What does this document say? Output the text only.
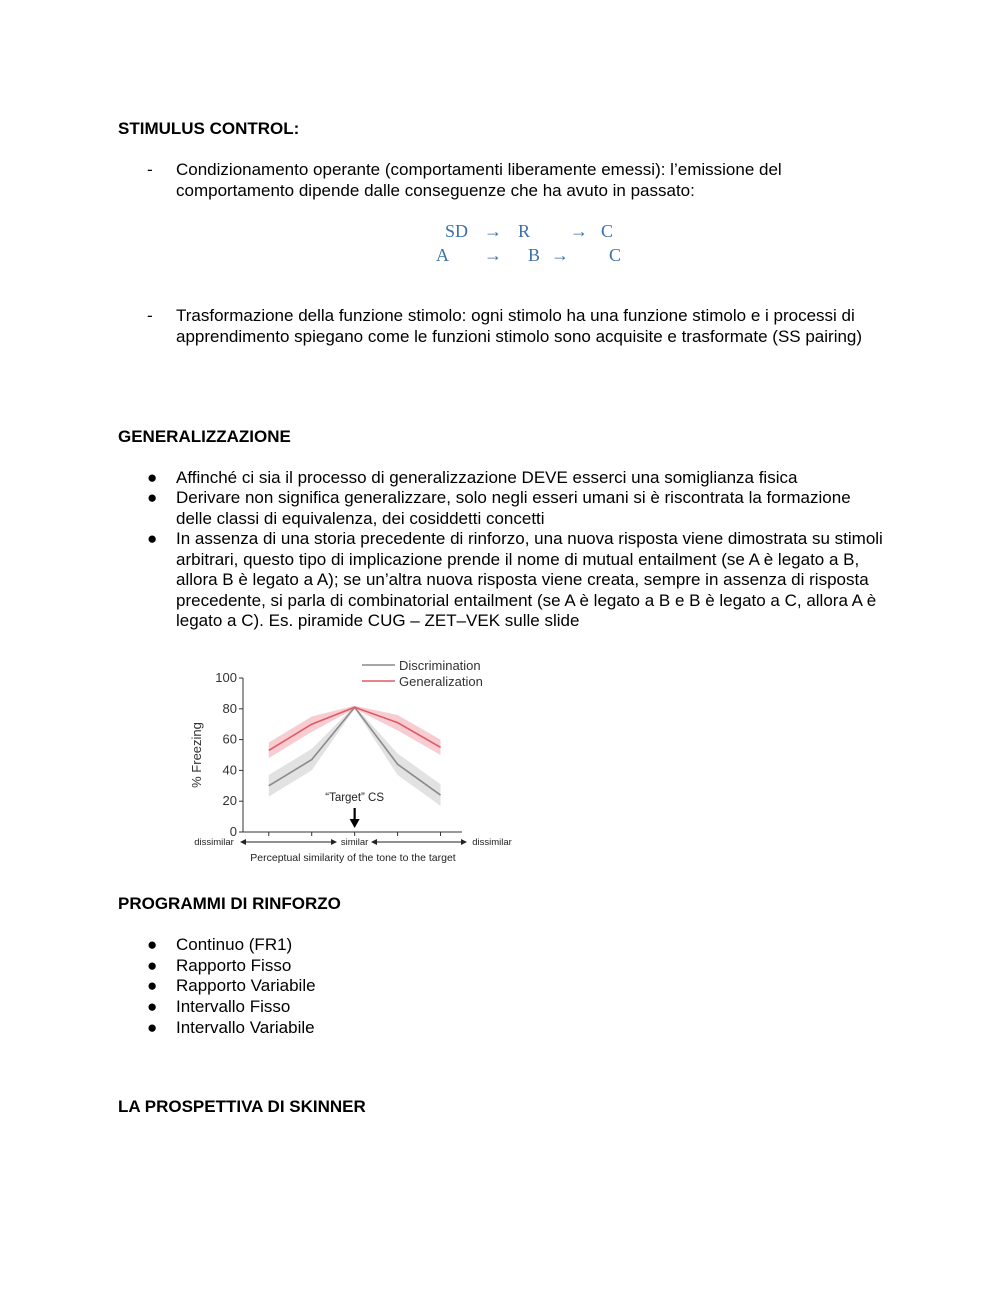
STIMULUS CONTROL:
- Condizionamento operante (comportamenti liberamente emessi): l’emissione del comportamento dipende dalle conseguenze che ha avuto in passato:
SD → R → C
A → B → C
- Trasformazione della funzione stimolo: ogni stimolo ha una funzione stimolo e i processi di apprendimento spiegano come le funzioni stimolo sono acquisite e trasformate (SS pairing)
GENERALIZZAZIONE
● Affinché ci sia il processo di generalizzazione DEVE esserci una somiglianza fisica
● Derivare non significa generalizzare, solo negli esseri umani si è riscontrata la formazione delle classi di equivalenza, dei cosiddetti concetti
● In assenza di una storia precedente di rinforzo, una nuova risposta viene dimostrata su stimoli arbitrari, questo tipo di implicazione prende il nome di mutual entailment (se A è legato a B, allora B è legato a A); se un’altra nuova risposta viene creata, sempre in assenza di risposta precedente, si parla di combinatorial entailment (se A è legato a B e B è legato a C, allora A è legato a C). Es. piramide CUG – ZET–VEK sulle slide
0
20
40
60
80
100
% Freezing
Discrimination
Generalization
“Target” CS
dissimilar	similar	dissimilar
Perceptual similarity of the tone to the target
PROGRAMMI DI RINFORZO
● Continuo (FR1)
● Rapporto Fisso
● Rapporto Variabile
● Intervallo Fisso
● Intervallo Variabile
LA PROSPETTIVA DI SKINNER
